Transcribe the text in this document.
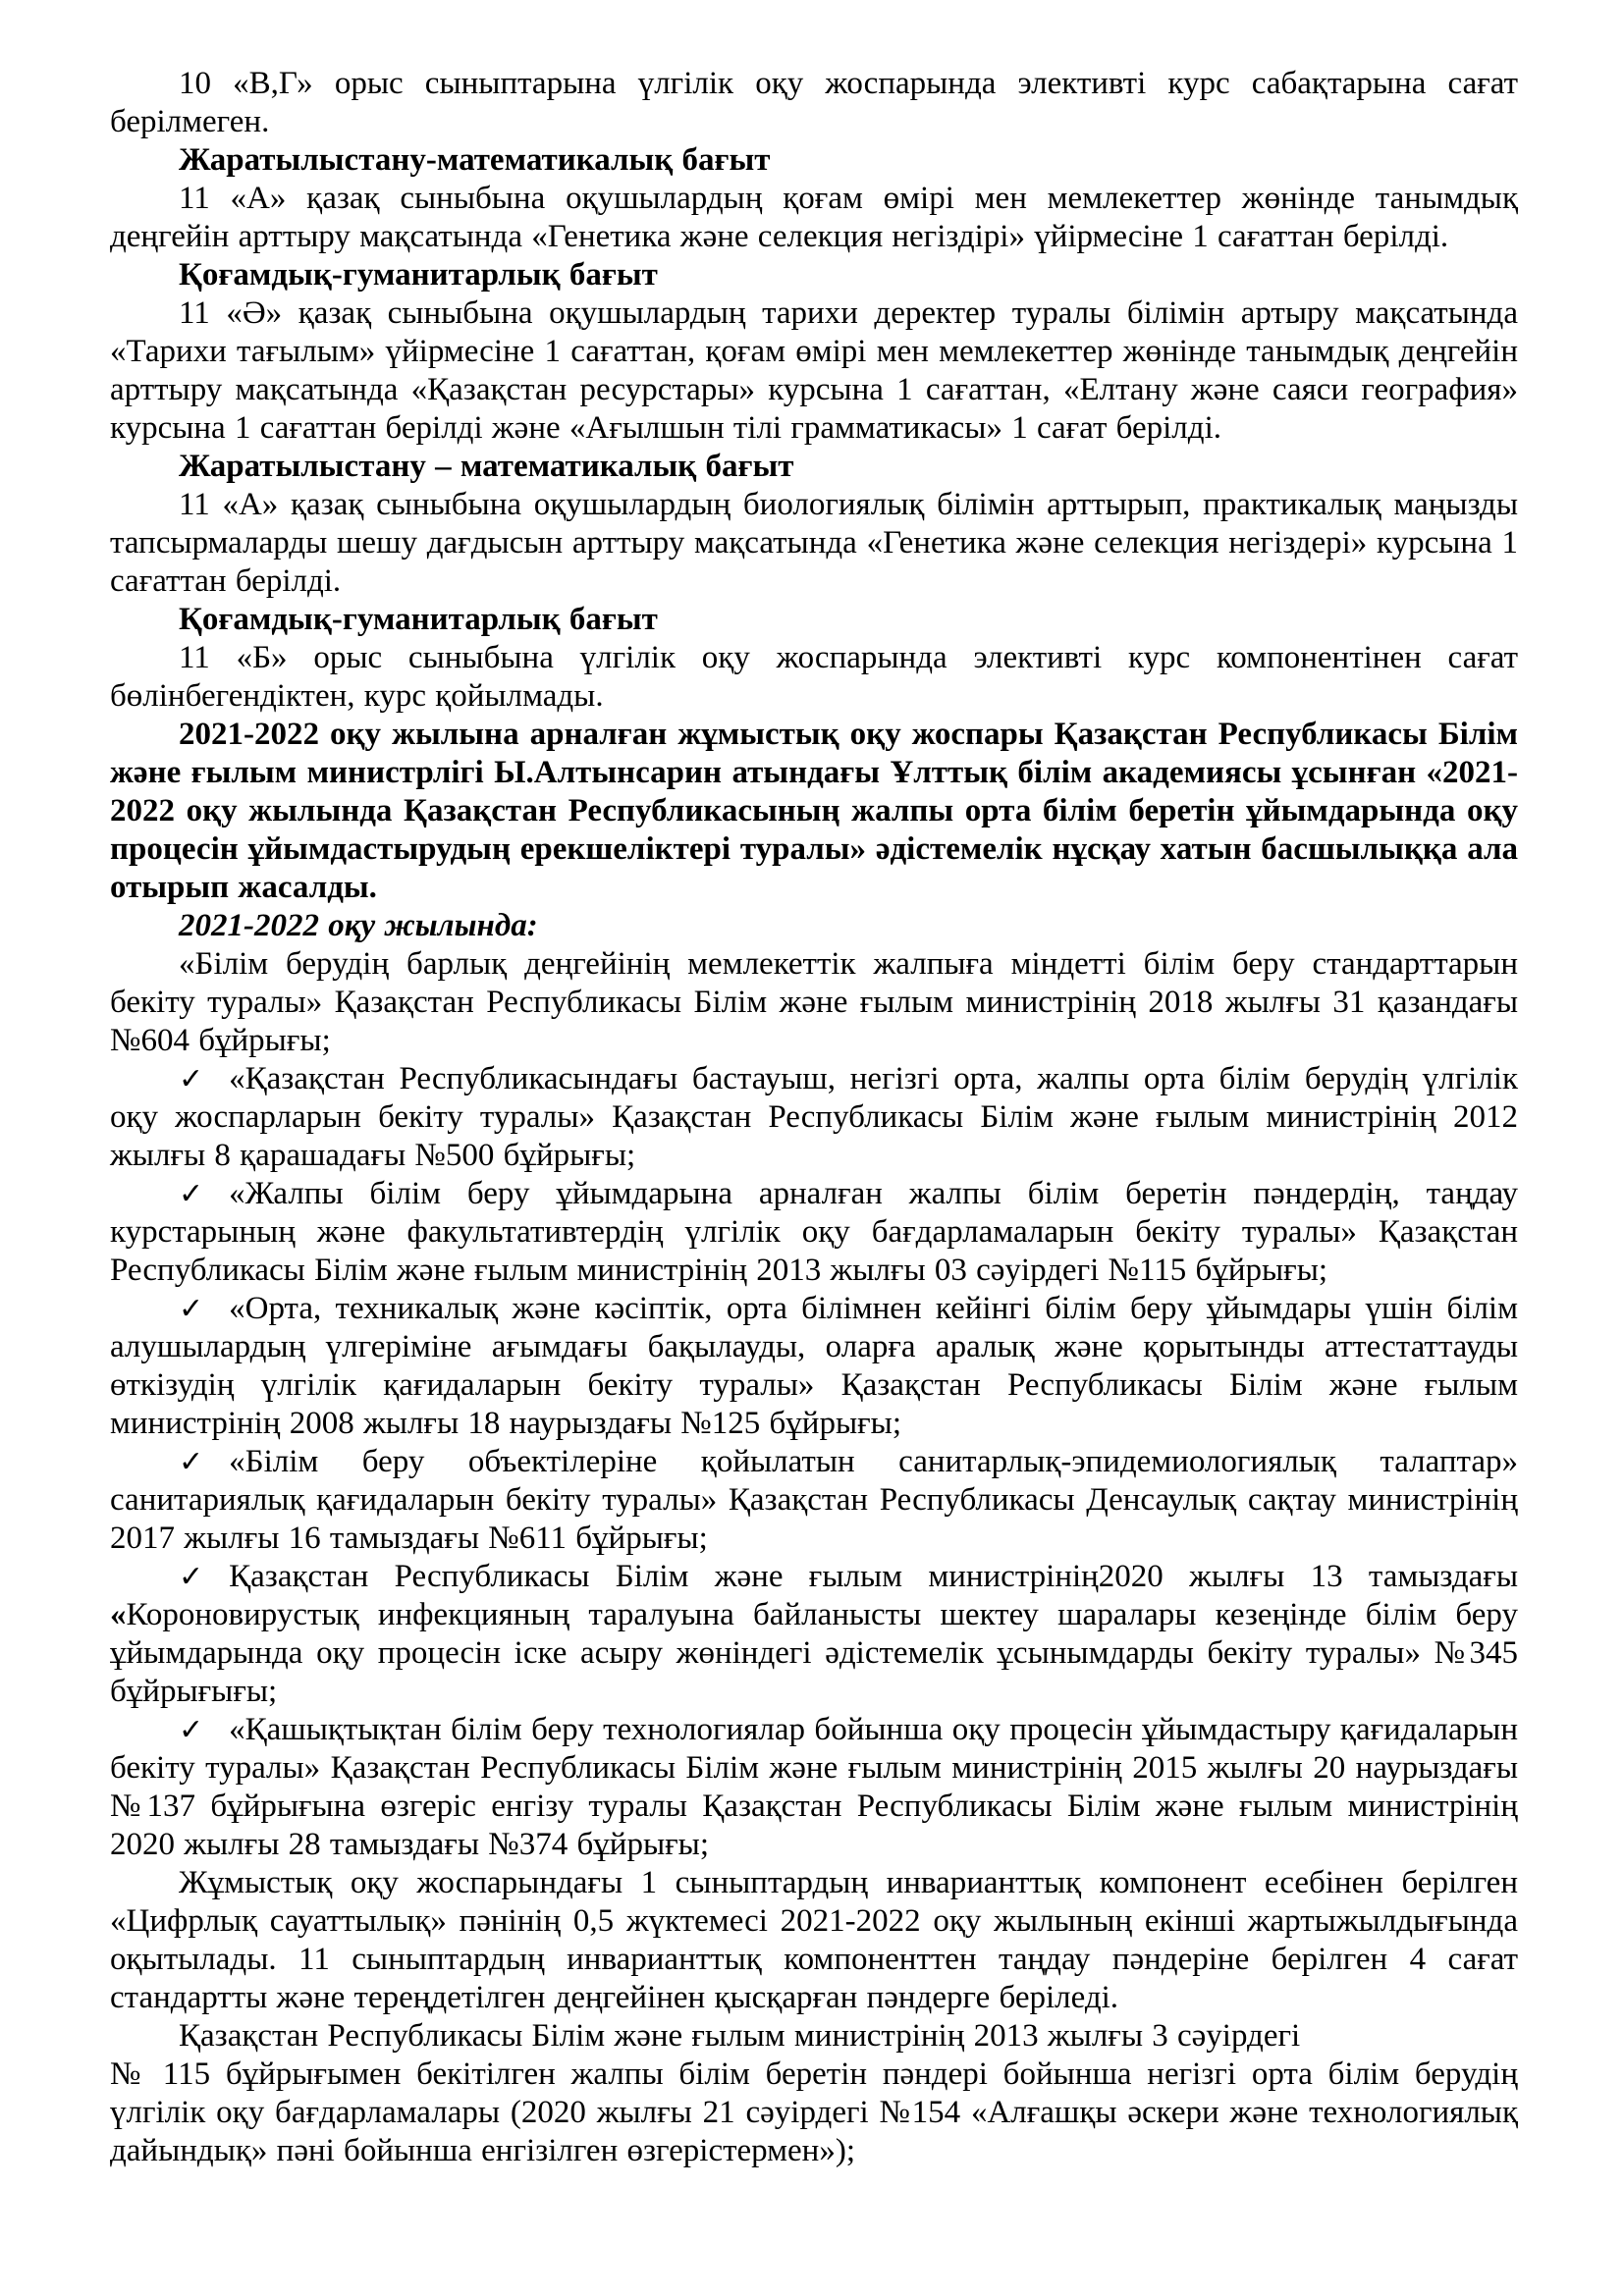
10 «В,Г» орыс сыныптарына үлгілік оқу жоспарында элективті курс сабақтарына сағат берілмеген.

Жаратылыстану-математикалық бағыт

11 «А» қазақ сыныбына оқушылардың қоғам өмірі мен мемлекеттер жөнінде танымдық деңгейін арттыру мақсатында «Генетика және селекция негіздірі» үйірмесіне 1 сағаттан берілді.

Қоғамдық-гуманитарлық бағыт

11 «Ә» қазақ сыныбына оқушылардың тарихи деректер туралы білімін артыру мақсатында «Тарихи тағылым» үйірмесіне 1 сағаттан, қоғам өмірі мен мемлекеттер жөнінде танымдық деңгейін арттыру мақсатында «Қазақстан ресурстары» курсына 1 сағаттан, «Елтану және саяси география» курсына 1 сағаттан берілді және «Ағылшын тілі грамматикасы» 1 сағат берілді.

Жаратылыстану – математикалық бағыт

11 «А» қазақ сыныбына оқушылардың биологиялық білімін арттырып, практикалық маңызды тапсырмаларды шешу дағдысын арттыру мақсатында «Генетика және селекция негіздері» курсына 1 сағаттан берілді.

Қоғамдық-гуманитарлық бағыт

11 «Б» орыс сыныбына үлгілік оқу жоспарында элективті курс компонентінен сағат бөлінбегендіктен, курс қойылмады.

2021-2022 оқу жылына арналған жұмыстық оқу жоспары Қазақстан Республикасы Білім және ғылым министрлігі Ы.Алтынсарин атындағы Ұлттық білім академиясы ұсынған «2021-2022 оқу жылында Қазақстан Республикасының жалпы орта білім беретін ұйымдарында оқу процесін ұйымдастырудың ерекшеліктері туралы» әдістемелік нұсқау хатын басшылыққа ала отырып жасалды.

2021-2022 оқу жылында:

«Білім берудің барлық деңгейінің мемлекеттік жалпыға міндетті білім беру стандарттарын бекіту туралы» Қазақстан Республикасы Білім және ғылым министрінің 2018 жылғы 31 қазандағы №604 бұйрығы;

✓ «Қазақстан Республикасындағы бастауыш, негізгі орта, жалпы орта білім берудің үлгілік оқу жоспарларын бекіту туралы» Қазақстан Республикасы Білім және ғылым министрінің 2012 жылғы 8 қарашадағы №500 бұйрығы;

✓ «Жалпы білім беру ұйымдарына арналған жалпы білім беретін пәндердің, таңдау курстарының және факультативтердің үлгілік оқу бағдарламаларын бекіту туралы» Қазақстан Республикасы Білім және ғылым министрінің 2013 жылғы 03 сәуірдегі №115 бұйрығы;

✓ «Орта, техникалық және кәсіптік, орта білімнен кейінгі білім беру ұйымдары үшін білім алушылардың үлгеріміне ағымдағы бақылауды, оларға аралық және қорытынды аттестаттауды өткізудің үлгілік қағидаларын бекіту туралы» Қазақстан Республикасы Білім және ғылым министрінің 2008 жылғы 18 наурыздағы №125 бұйрығы;

✓ «Білім беру объектілеріне қойылатын санитарлық-эпидемиологиялық талаптар» санитариялық қағидаларын бекіту туралы» Қазақстан Республикасы Денсаулық сақтау министрінің 2017 жылғы 16 тамыздағы №611 бұйрығы;

✓ Қазақстан Республикасы Білім және ғылым министрінің2020 жылғы 13 тамыздағы «Короновирустық инфекцияның таралуына байланысты шектеу шаралары кезеңінде білім беру ұйымдарында оқу процесін іске асыру жөніндегі әдістемелік ұсынымдарды бекіту туралы» №345 бұйрығығы;

✓ «Қашықтықтан білім беру технологиялар бойынша оқу процесін ұйымдастыру қағидаларын бекіту туралы» Қазақстан Республикасы Білім және ғылым министрінің 2015 жылғы 20 наурыздағы №137 бұйрығына өзгеріс енгізу туралы Қазақстан Республикасы Білім және ғылым министрінің 2020 жылғы 28 тамыздағы №374 бұйрығы;

Жұмыстық оқу жоспарындағы 1 сыныптардың инварианттық компонент есебінен берілген «Цифрлық сауаттылық» пәнінің 0,5 жүктемесі 2021-2022 оқу жылының екінші жартыжылдығында оқытылады. 11 сыныптардың инварианттық компоненттен таңдау пәндеріне берілген 4 сағат стандартты және тереңдетілген деңгейінен қысқарған пәндерге беріледі.

Қазақстан Республикасы Білім және ғылым министрінің 2013 жылғы 3 сәуірдегі

№ 115 бұйрығымен бекітілген жалпы білім беретін пәндері бойынша негізгі орта білім берудің үлгілік оқу бағдарламалары (2020 жылғы 21 сәуірдегі №154 «Алғашқы әскери және технологиялық дайындық» пәні бойынша енгізілген өзгерістермен»);
